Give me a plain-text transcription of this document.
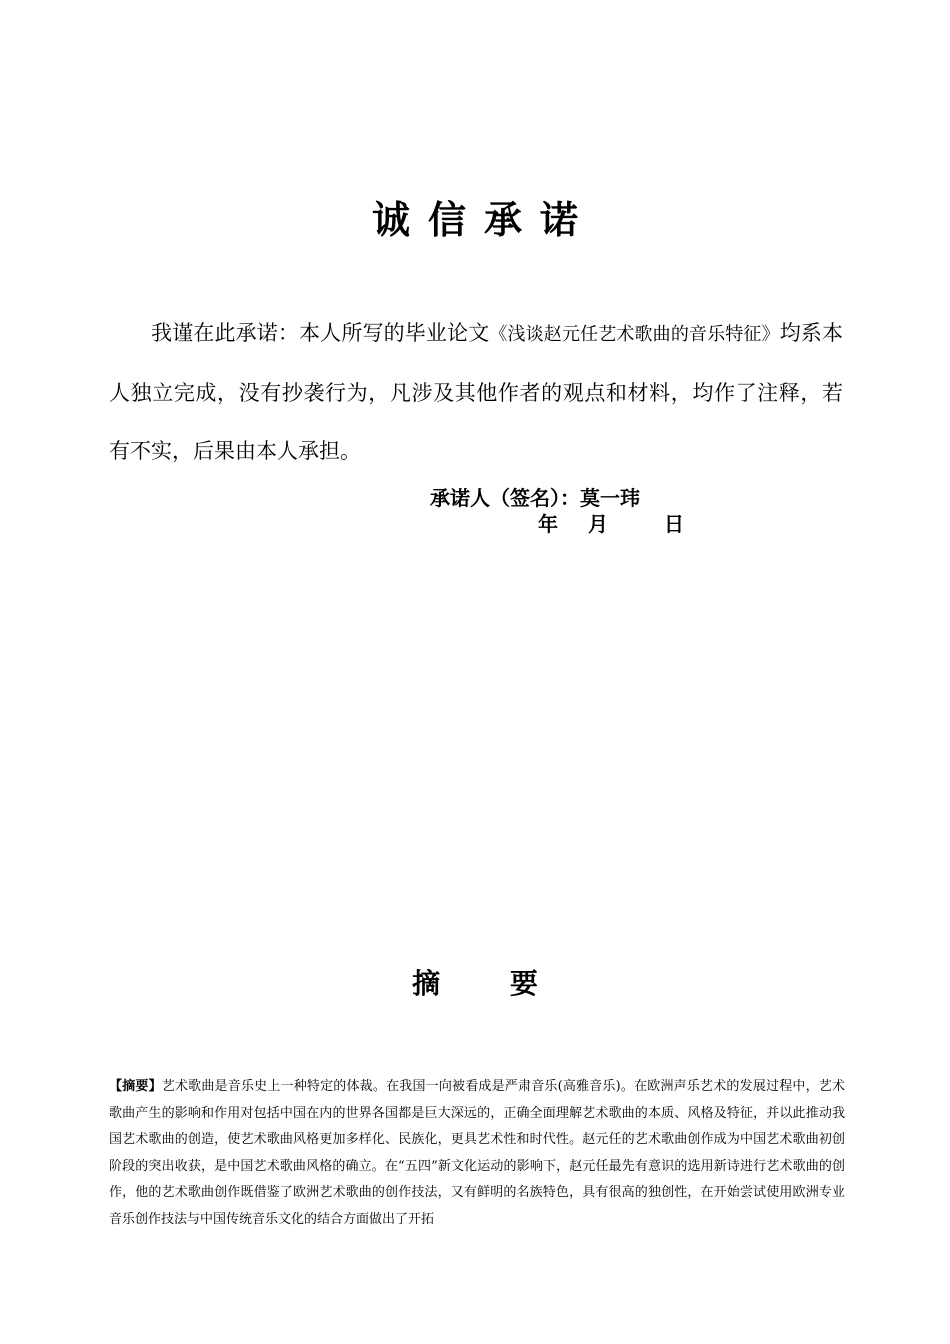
诚信承诺
我谨在此承诺：本人所写的毕业论文《浅谈赵元任艺术歌曲的音乐特征》均系本人独立完成，没有抄袭行为，凡涉及其他作者的观点和材料，均作了注释，若有不实，后果由本人承担。
承诺人（签名）：莫一玮
年 月	日
摘 要
【摘要】艺术歌曲是音乐史上一种特定的体裁。在我国一向被看成是严肃音乐(高雅音乐)。在欧洲声乐艺术的发展过程中，艺术歌曲产生的影响和作用对包括中国在内的世界各国都是巨大深远的，正确全面理解艺术歌曲的本质、风格及特征，并以此推动我国艺术歌曲的创造，使艺术歌曲风格更加多样化、民族化，更具艺术性和时代性。赵元任的艺术歌曲创作成为中国艺术歌曲初创阶段的突出收获，是中国艺术歌曲风格的确立。在“五四”新文化运动的影响下，赵元任最先有意识的选用新诗进行艺术歌曲的创作，他的艺术歌曲创作既借鉴了欧洲艺术歌曲的创作技法，又有鲜明的名族特色，具有很高的独创性，在开始尝试使用欧洲专业音乐创作技法与中国传统音乐文化的结合方面做出了开拓
